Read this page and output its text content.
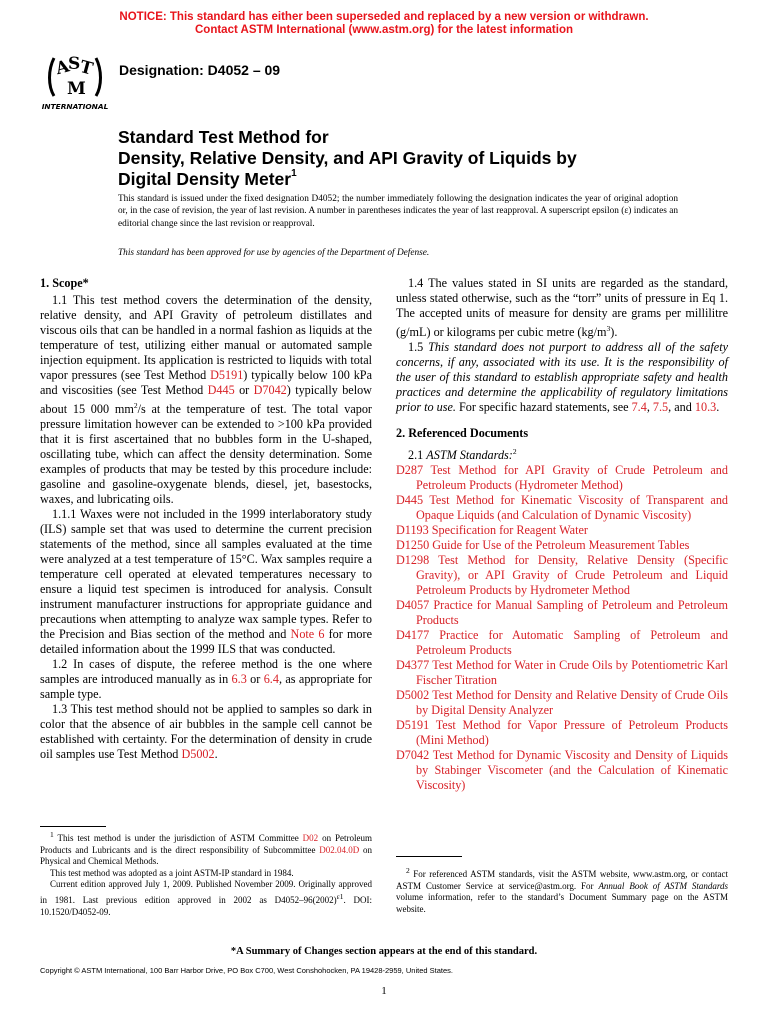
NOTICE: This standard has either been superseded and replaced by a new version or withdrawn.
Contact ASTM International (www.astm.org) for the latest information
A
S
T
M
INTERNATIONAL
Designation: D4052 – 09
Standard Test Method for
Density, Relative Density, and API Gravity of Liquids by
Digital Density Meter$^1$
This standard is issued under the fixed designation D4052; the number immediately following the designation indicates the year of original adoption or, in the case of revision, the year of last revision. A number in parentheses indicates the year of last reapproval. A superscript epsilon (ε) indicates an editorial change since the last revision or reapproval.
This standard has been approved for use by agencies of the Department of Defense.

1. Scope*

1.1 This test method covers the determination of the density, relative density, and API Gravity of petroleum distillates and viscous oils that can be handled in a normal fashion as liquids at the temperature of test, utilizing either manual or automated sample injection equipment. Its application is restricted to liquids with total vapor pressures (see Test Method D5191) typically below 100 kPa and viscosities (see Test Method D445 or D7042) typically below about 15 000 $mm^2/s$ at the temperature of test. The total vapor pressure limitation however can be extended to >100 kPa provided that it is first ascertained that no bubbles form in the U-shaped, oscillating tube, which can affect the density determination. Some examples of products that may be tested by this procedure include: gasoline and gasoline-oxygenate blends, diesel, jet, basestocks, waxes, and lubricating oils.

1.1.1 Waxes were not included in the 1999 interlaboratory study (ILS) sample set that was used to determine the current precision statements of the method, since all samples evaluated at the time were analyzed at a test temperature of 15°C. Wax samples require a temperature cell operated at elevated temperatures necessary to ensure a liquid test specimen is introduced for analysis. Consult instrument manufacturer instructions for appropriate guidance and precautions when attempting to analyze wax sample types. Refer to the Precision and Bias section of the method and Note 6 for more detailed information about the 1999 ILS that was conducted.

1.2 In cases of dispute, the referee method is the one where samples are introduced manually as in 6.3 or 6.4, as appropriate for sample type.

1.3 This test method should not be applied to samples so dark in color that the absence of air bubbles in the sample cell cannot be established with certainty. For the determination of density in crude oil samples use Test Method D5002.

1.4 The values stated in SI units are regarded as the standard, unless stated otherwise, such as the “torr” units of pressure in Eq 1. The accepted units of measure for density are grams per millilitre (g/mL) or kilograms per cubic metre $(kg/m^3)$.

1.5 This standard does not purport to address all of the safety concerns, if any, associated with its use. It is the responsibility of the user of this standard to establish appropriate safety and health practices and determine the applicability of regulatory limitations prior to use. For specific hazard statements, see 7.4, 7.5, and 10.3.

2. Referenced Documents

2.1 ASTM Standards:$^2$

D287 Test Method for API Gravity of Crude Petroleum and Petroleum Products (Hydrometer Method)
D445 Test Method for Kinematic Viscosity of Transparent and Opaque Liquids (and Calculation of Dynamic Viscosity)
D1193 Specification for Reagent Water
D1250 Guide for Use of the Petroleum Measurement Tables
D1298 Test Method for Density, Relative Density (Specific Gravity), or API Gravity of Crude Petroleum and Liquid Petroleum Products by Hydrometer Method
D4057 Practice for Manual Sampling of Petroleum and Petroleum Products
D4177 Practice for Automatic Sampling of Petroleum and Petroleum Products
D4377 Test Method for Water in Crude Oils by Potentiometric Karl Fischer Titration
D5002 Test Method for Density and Relative Density of Crude Oils by Digital Density Analyzer
D5191 Test Method for Vapor Pressure of Petroleum Products (Mini Method)
D7042 Test Method for Dynamic Viscosity and Density of Liquids by Stabinger Viscometer (and the Calculation of Kinematic Viscosity)

$^1$ This test method is under the jurisdiction of ASTM Committee D02 on Petroleum Products and Lubricants and is the direct responsibility of Subcommittee D02.04.0D on Physical and Chemical Methods.

This test method was adopted as a joint ASTM-IP standard in 1984.

Current edition approved July 1, 2009. Published November 2009. Originally approved in 1981. Last previous edition approved in 2002 as $D4052-96(2002)^{\varepsilon 1}$. DOI: 10.1520/D4052-09.

$^2$ For referenced ASTM standards, visit the ASTM website, www.astm.org, or contact ASTM Customer Service at service@astm.org. For Annual Book of ASTM Standards volume information, refer to the standard’s Document Summary page on the ASTM website.

*A Summary of Changes section appears at the end of this standard.
Copyright © ASTM International, 100 Barr Harbor Drive, PO Box C700, West Conshohocken, PA 19428-2959, United States.
1
